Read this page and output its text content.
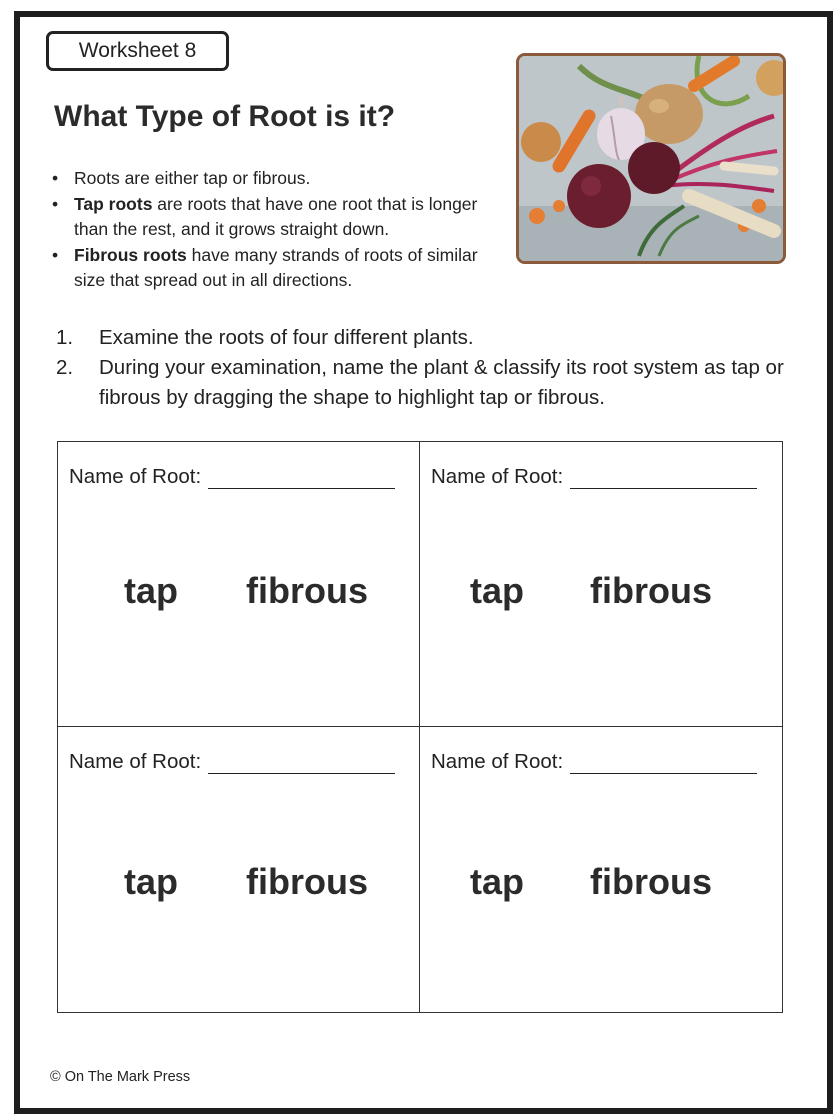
Worksheet 8
What Type of Root is it?
• Roots are either tap or fibrous.
• Tap roots are roots that have one root that is longer than the rest, and it grows straight down.
• Fibrous roots have many strands of roots of similar size that spread out in all directions.
1. Examine the roots of four different plants.
2. During your examination, name the plant & classify its root system as tap or fibrous by dragging the shape to highlight tap or fibrous.
Name of Root:
tap fibrous
Name of Root:
tap fibrous
Name of Root:
tap fibrous
Name of Root:
tap fibrous
© On The Mark Press
